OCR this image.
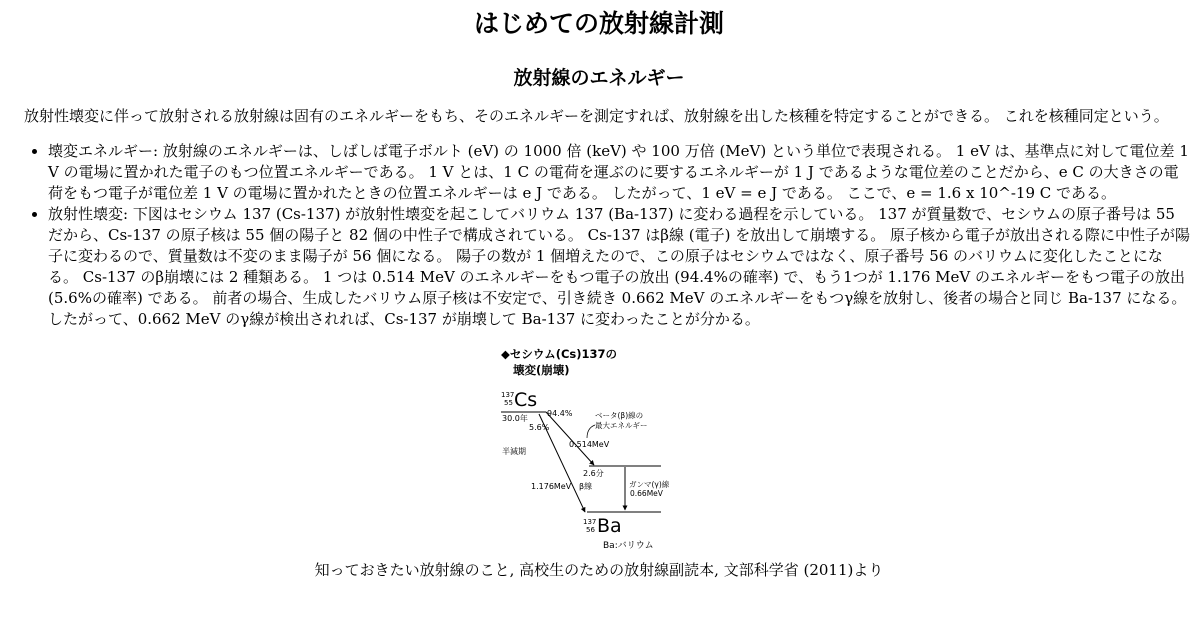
はじめての放射線計測
放射線のエネルギー

放射性壊変に伴って放射される放射線は固有のエネルギーをもち、そのエネルギーを測定すれば、放射線を出した核種を特定することができる。 これを核種同定という。

• 壊変エネルギー: 放射線のエネルギーは、しばしば電子ボルト (eV) の 1000 倍 (keV) や 100 万倍 (MeV) という単位で表現される。 1 eV は、基準点に対して電位差 1 V の電場に置かれた電子のもつ位置エネルギーである。 1 V とは、1 C の電荷を運ぶのに要するエネルギーが 1 J であるような電位差のことだから、e C の大きさの電荷をもつ電子が電位差 1 V の電場に置かれたときの位置エネルギーは e J である。 したがって、1 eV = e J である。 ここで、e = 1.6 x 10^-19 C である。
• 放射性壊変: 下図はセシウム 137 (Cs-137) が放射性壊変を起こしてバリウム 137 (Ba-137) に変わる過程を示している。 137 が質量数で、セシウムの原子番号は 55 だから、Cs-137 の原子核は 55 個の陽子と 82 個の中性子で構成されている。 Cs-137 はβ線 (電子) を放出して崩壊する。 原子核から電子が放出される際に中性子が陽子に変わるので、質量数は不変のまま陽子が 56 個になる。 陽子の数が 1 個増えたので、この原子はセシウムではなく、原子番号 56 のバリウムに変化したことになる。 Cs-137 のβ崩壊には 2 種類ある。 1 つは 0.514 MeV のエネルギーをもつ電子の放出 (94.4%の確率) で、もう1つが 1.176 MeV のエネルギーをもつ電子の放出 (5.6%の確率) である。 前者の場合、生成したバリウム原子核は不安定で、引き続き 0.662 MeV のエネルギーをもつγ線を放射し、後者の場合と同じ Ba-137 になる。 したがって、0.662 MeV のγ線が検出されれば、Cs-137 が崩壊して Ba-137 に変わったことが分かる。
◆セシウム(Cs)137の
壊変(崩壊)
137
55 Cs
30.0年
半減期
94.4%
5.6%
ベータ(β)線の
最大エネルギー
0.514MeV
2.6分
1.176MeV β線	ガンマ(γ)線
0.66MeV
137
56 Ba
Ba:バリウム

知っておきたい放射線のこと, 高校生のための放射線副読本, 文部科学省 (2011)より
